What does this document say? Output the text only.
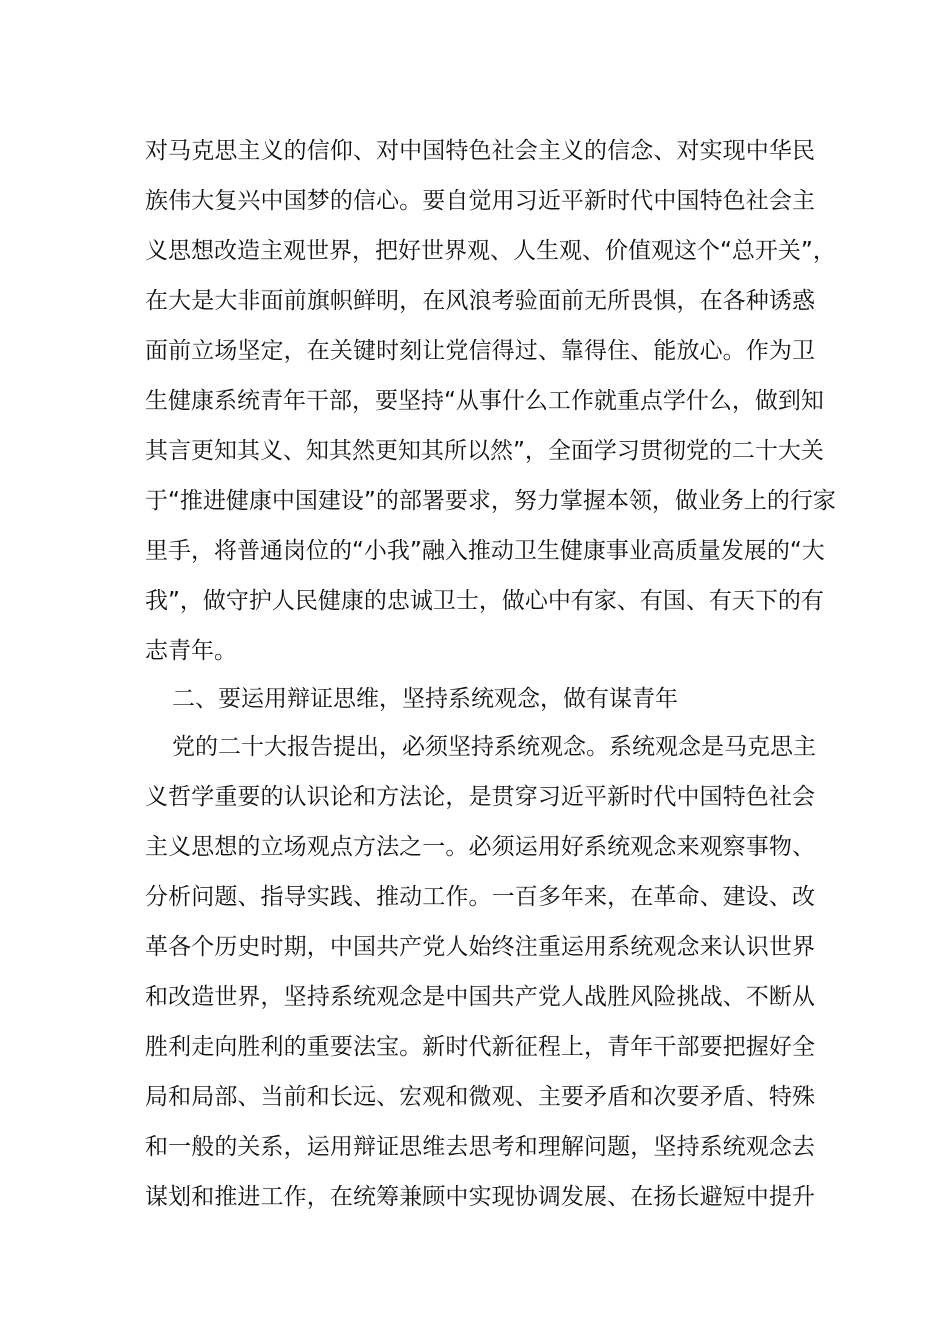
对马克思主义的信仰、对中国特色社会主义的信念、对实现中华民
族伟大复兴中国梦的信心。要自觉用习近平新时代中国特色社会主
义思想改造主观世界，把好世界观、人生观、价值观这个“总开关”，
在大是大非面前旗帜鲜明，在风浪考验面前无所畏惧，在各种诱惑
面前立场坚定，在关键时刻让党信得过、靠得住、能放心。作为卫
生健康系统青年干部，要坚持“从事什么工作就重点学什么，做到知
其言更知其义、知其然更知其所以然”，全面学习贯彻党的二十大关
于“推进健康中国建设”的部署要求，努力掌握本领，做业务上的行家
里手，将普通岗位的“小我”融入推动卫生健康事业高质量发展的“大
我”，做守护人民健康的忠诚卫士，做心中有家、有国、有天下的有
志青年。
二、要运用辩证思维，坚持系统观念，做有谋青年
党的二十大报告提出，必须坚持系统观念。系统观念是马克思主
义哲学重要的认识论和方法论，是贯穿习近平新时代中国特色社会
主义思想的立场观点方法之一。必须运用好系统观念来观察事物、
分析问题、指导实践、推动工作。一百多年来，在革命、建设、改
革各个历史时期，中国共产党人始终注重运用系统观念来认识世界
和改造世界，坚持系统观念是中国共产党人战胜风险挑战、不断从
胜利走向胜利的重要法宝。新时代新征程上，青年干部要把握好全
局和局部、当前和长远、宏观和微观、主要矛盾和次要矛盾、特殊
和一般的关系，运用辩证思维去思考和理解问题，坚持系统观念去
谋划和推进工作，在统筹兼顾中实现协调发展、在扬长避短中提升
